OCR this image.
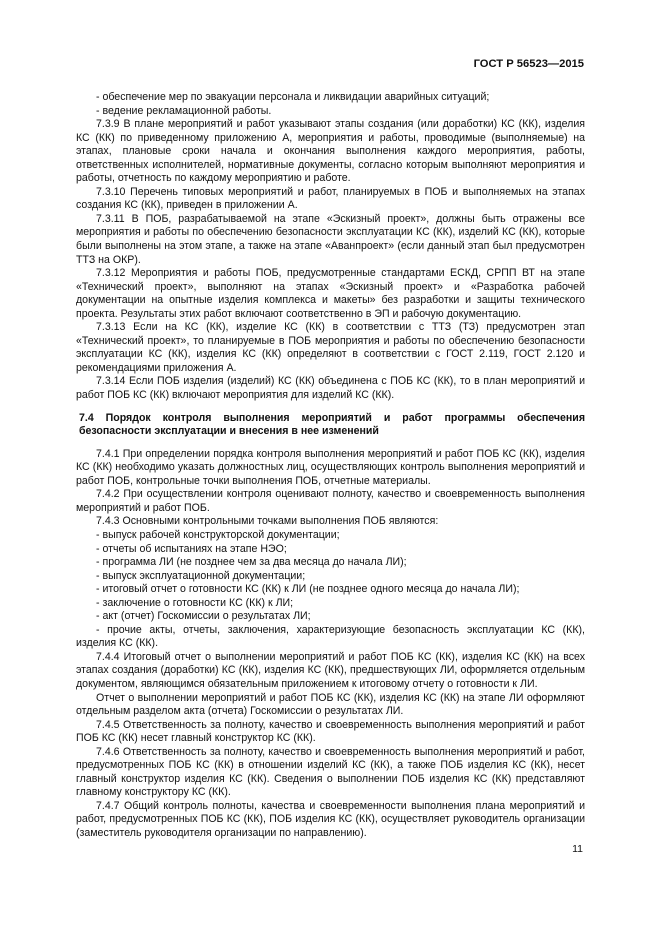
ГОСТ Р 56523—2015

- обеспечение мер по эвакуации персонала и ликвидации аварийных ситуаций;

- ведение рекламационной работы.

7.3.9 В плане мероприятий и работ указывают этапы создания (или доработки) КС (КК), изделия КС (КК) по приведенному приложению А, мероприятия и работы, проводимые (выполняемые) на этапах, плановые сроки начала и окончания выполнения каждого мероприятия, работы, ответственных исполнителей, нормативные документы, согласно которым выполняют мероприятия и работы, отчетность по каждому мероприятию и работе.

7.3.10 Перечень типовых мероприятий и работ, планируемых в ПОБ и выполняемых на этапах создания КС (КК), приведен в приложении А.

7.3.11 В ПОБ, разрабатываемой на этапе «Эскизный проект», должны быть отражены все мероприятия и работы по обеспечению безопасности эксплуатации КС (КК), изделий КС (КК), которые были выполнены на этом этапе, а также на этапе «Аванпроект» (если данный этап был предусмотрен ТТЗ на ОКР).

7.3.12 Мероприятия и работы ПОБ, предусмотренные стандартами ЕСКД, СРПП ВТ на этапе «Технический проект», выполняют на этапах «Эскизный проект» и «Разработка рабочей документации на опытные изделия комплекса и макеты» без разработки и защиты технического проекта. Результаты этих работ включают соответственно в ЭП и рабочую документацию.

7.3.13 Если на КС (КК), изделие КС (КК) в соответствии с ТТЗ (ТЗ) предусмотрен этап «Технический проект», то планируемые в ПОБ мероприятия и работы по обеспечению безопасности эксплуатации КС (КК), изделия КС (КК) определяют в соответствии с ГОСТ 2.119, ГОСТ 2.120 и рекомендациями приложения А.

7.3.14 Если ПОБ изделия (изделий) КС (КК) объединена с ПОБ КС (КК), то в план мероприятий и работ ПОБ КС (КК) включают мероприятия для изделий КС (КК).

7.4 Порядок контроля выполнения мероприятий и работ программы обеспечения безопасности эксплуатации и внесения в нее изменений

7.4.1 При определении порядка контроля выполнения мероприятий и работ ПОБ КС (КК), изделия КС (КК) необходимо указать должностных лиц, осуществляющих контроль выполнения мероприятий и работ ПОБ, контрольные точки выполнения ПОБ, отчетные материалы.

7.4.2 При осуществлении контроля оценивают полноту, качество и своевременность выполнения мероприятий и работ ПОБ.

7.4.3 Основными контрольными точками выполнения ПОБ являются:

- выпуск рабочей конструкторской документации;

- отчеты об испытаниях на этапе НЭО;

- программа ЛИ (не позднее чем за два месяца до начала ЛИ);

- выпуск эксплуатационной документации;

- итоговый отчет о готовности КС (КК) к ЛИ (не позднее одного месяца до начала ЛИ);

- заключение о готовности КС (КК) к ЛИ;

- акт (отчет) Госкомиссии о результатах ЛИ;

- прочие акты, отчеты, заключения, характеризующие безопасность эксплуатации КС (КК), изделия КС (КК).

7.4.4 Итоговый отчет о выполнении мероприятий и работ ПОБ КС (КК), изделия КС (КК) на всех этапах создания (доработки) КС (КК), изделия КС (КК), предшествующих ЛИ, оформляется отдельным документом, являющимся обязательным приложением к итоговому отчету о готовности к ЛИ.

Отчет о выполнении мероприятий и работ ПОБ КС (КК), изделия КС (КК) на этапе ЛИ оформляют отдельным разделом акта (отчета) Госкомиссии о результатах ЛИ.

7.4.5 Ответственность за полноту, качество и своевременность выполнения мероприятий и работ ПОБ КС (КК) несет главный конструктор КС (КК).

7.4.6 Ответственность за полноту, качество и своевременность выполнения мероприятий и работ, предусмотренных ПОБ КС (КК) в отношении изделий КС (КК), а также ПОБ изделия КС (КК), несет главный конструктор изделия КС (КК). Сведения о выполнении ПОБ изделия КС (КК) представляют главному конструктору КС (КК).

7.4.7 Общий контроль полноты, качества и своевременности выполнения плана мероприятий и работ, предусмотренных ПОБ КС (КК), ПОБ изделия КС (КК), осуществляет руководитель организации (заместитель руководителя организации по направлению).

11
